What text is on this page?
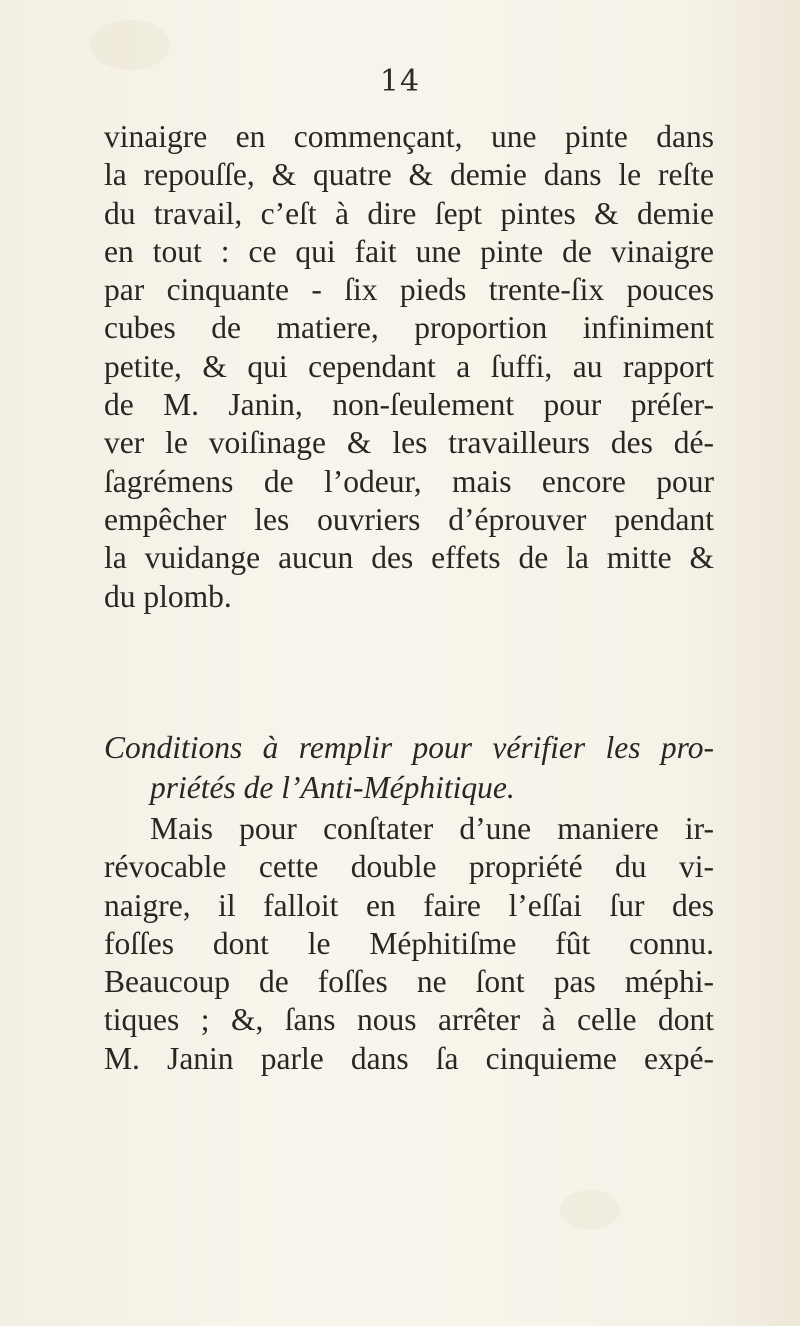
14
vinaigre en commençant, une pinte dans
la repouſſe, & quatre & demie dans le reſte
du travail, c’eſt à dire ſept pintes & demie
en tout : ce qui fait une pinte de vinaigre
par cinquante - ſix pieds trente-ſix pouces
cubes de matiere, proportion infiniment
petite, & qui cependant a ſuffi, au rapport
de M. Janin, non-ſeulement pour préſer-
ver le voiſinage & les travailleurs des dé-
ſagrémens de l’odeur, mais encore pour
empêcher les ouvriers d’éprouver pendant
la vuidange aucun des effets de la mitte &
du plomb.
Conditions à remplir pour vérifier les pro-
priétés de l’Anti-Méphitique.
Mais pour conſtater d’une maniere ir-
révocable cette double propriété du vi-
naigre, il falloit en faire l’eſſai ſur des
foſſes dont le Méphitiſme fût connu.
Beaucoup de foſſes ne ſont pas méphi-
tiques ; &, ſans nous arrêter à celle dont
M. Janin parle dans ſa cinquieme expé-
